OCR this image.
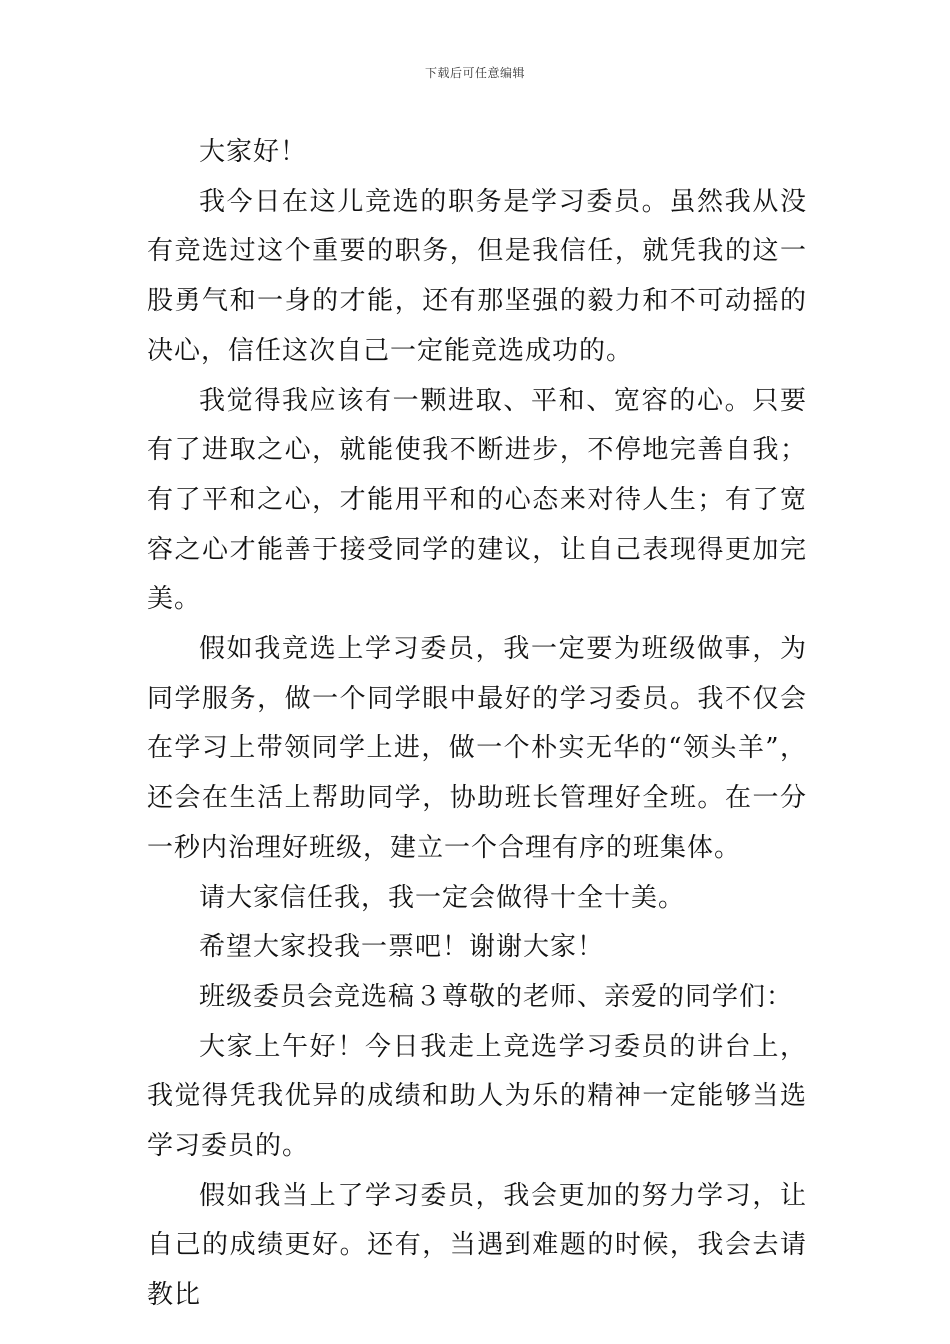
下载后可任意编辑

大家好！

我今日在这儿竞选的职务是学习委员。虽然我从没有竞选过这个重要的职务，但是我信任，就凭我的这一股勇气和一身的才能，还有那坚强的毅力和不可动摇的决心，信任这次自己一定能竞选成功的。

我觉得我应该有一颗进取、平和、宽容的心。只要有了进取之心，就能使我不断进步，不停地完善自我；有了平和之心，才能用平和的心态来对待人生；有了宽容之心才能善于接受同学的建议，让自己表现得更加完美。

假如我竞选上学习委员，我一定要为班级做事，为同学服务，做一个同学眼中最好的学习委员。我不仅会在学习上带领同学上进，做一个朴实无华的“领头羊”，还会在生活上帮助同学，协助班长管理好全班。在一分一秒内治理好班级，建立一个合理有序的班集体。

请大家信任我，我一定会做得十全十美。

希望大家投我一票吧！谢谢大家！

班级委员会竞选稿３尊敬的老师、亲爱的同学们：

大家上午好！今日我走上竞选学习委员的讲台上，我觉得凭我优异的成绩和助人为乐的精神一定能够当选学习委员的。

假如我当上了学习委员，我会更加的努力学习，让自己的成绩更好。还有，当遇到难题的时候，我会去请教比
